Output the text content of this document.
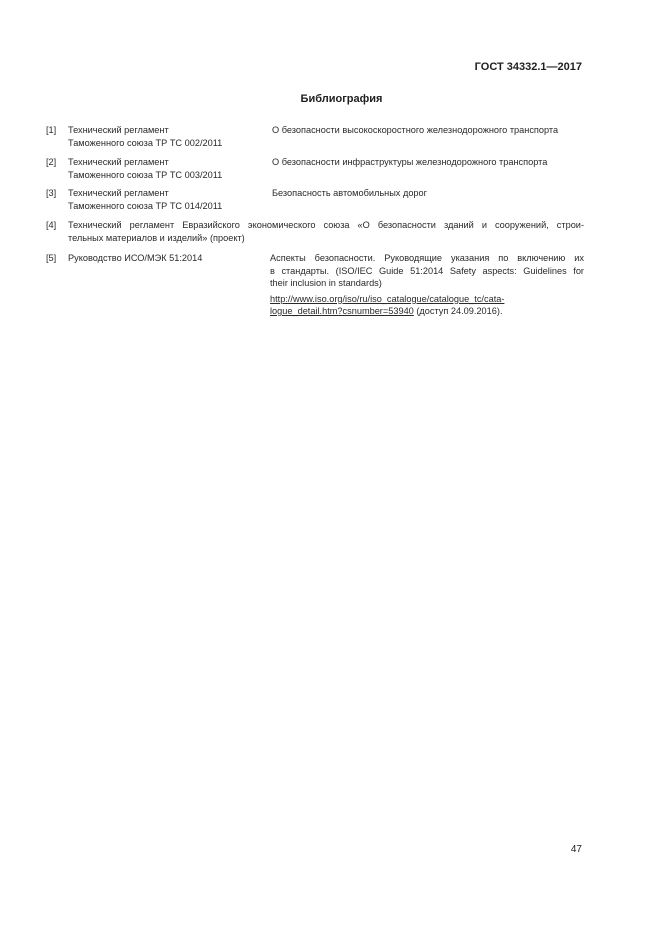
ГОСТ 34332.1—2017
Библиография
[1] Технический регламент
Таможенного союза ТР ТС 002/2011
О безопасности высокоскоростного железнодорожного транспорта
[2] Технический регламент
Таможенного союза ТР ТС 003/2011
О безопасности инфраструктуры железнодорожного транспорта
[3] Технический регламент
Таможенного союза ТР ТС 014/2011
Безопасность автомобильных дорог
[4] Технический регламент Евразийского экономического союза «О безопасности зданий и сооружений, строи-
тельных материалов и изделий» (проект)
[5] Руководство ИСО/МЭК 51:2014	Аспекты безопасности. Руководящие указания по включению их
в стандарты. (ISO/IEC Guide 51:2014 Safety aspects: Guidelines for
their inclusion in standards)
http://www.iso.org/iso/ru/iso_catalogue/catalogue_tc/cata-
logue_detail.htm?csnumber=53940 (доступ 24.09.2016).
47
